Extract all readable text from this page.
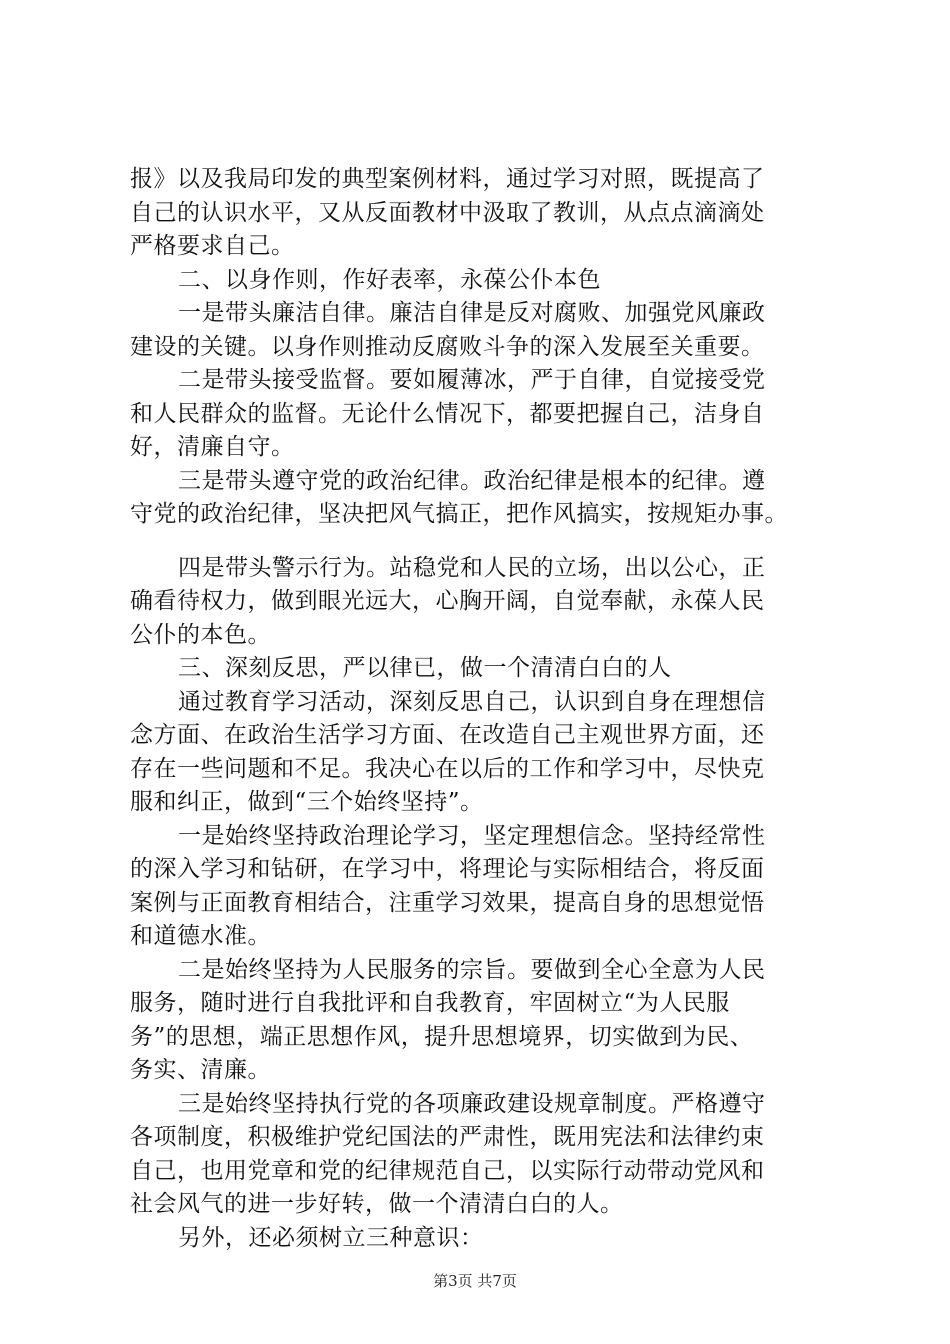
报》以及我局印发的典型案例材料，通过学习对照，既提高了
自己的认识水平，又从反面教材中汲取了教训，从点点滴滴处
严格要求自己。
二、以身作则，作好表率，永葆公仆本色
一是带头廉洁自律。廉洁自律是反对腐败、加强党风廉政
建设的关键。以身作则推动反腐败斗争的深入发展至关重要。
二是带头接受监督。要如履薄冰，严于自律，自觉接受党
和人民群众的监督。无论什么情况下，都要把握自己，洁身自
好，清廉自守。
三是带头遵守党的政治纪律。政治纪律是根本的纪律。遵
守党的政治纪律，坚决把风气搞正，把作风搞实，按规矩办事。
四是带头警示行为。站稳党和人民的立场，出以公心，正
确看待权力，做到眼光远大，心胸开阔，自觉奉献，永葆人民
公仆的本色。
三、深刻反思，严以律已，做一个清清白白的人
通过教育学习活动，深刻反思自己，认识到自身在理想信
念方面、在政治生活学习方面、在改造自己主观世界方面，还
存在一些问题和不足。我决心在以后的工作和学习中，尽快克
服和纠正，做到“三个始终坚持”。
一是始终坚持政治理论学习，坚定理想信念。坚持经常性
的深入学习和钻研，在学习中，将理论与实际相结合，将反面
案例与正面教育相结合，注重学习效果，提高自身的思想觉悟
和道德水准。
二是始终坚持为人民服务的宗旨。要做到全心全意为人民
服务，随时进行自我批评和自我教育，牢固树立“为人民服
务”的思想，端正思想作风，提升思想境界，切实做到为民、
务实、清廉。
三是始终坚持执行党的各项廉政建设规章制度。严格遵守
各项制度，积极维护党纪国法的严肃性，既用宪法和法律约束
自己，也用党章和党的纪律规范自己，以实际行动带动党风和
社会风气的进一步好转，做一个清清白白的人。
另外，还必须树立三种意识：
第3页 共7页
